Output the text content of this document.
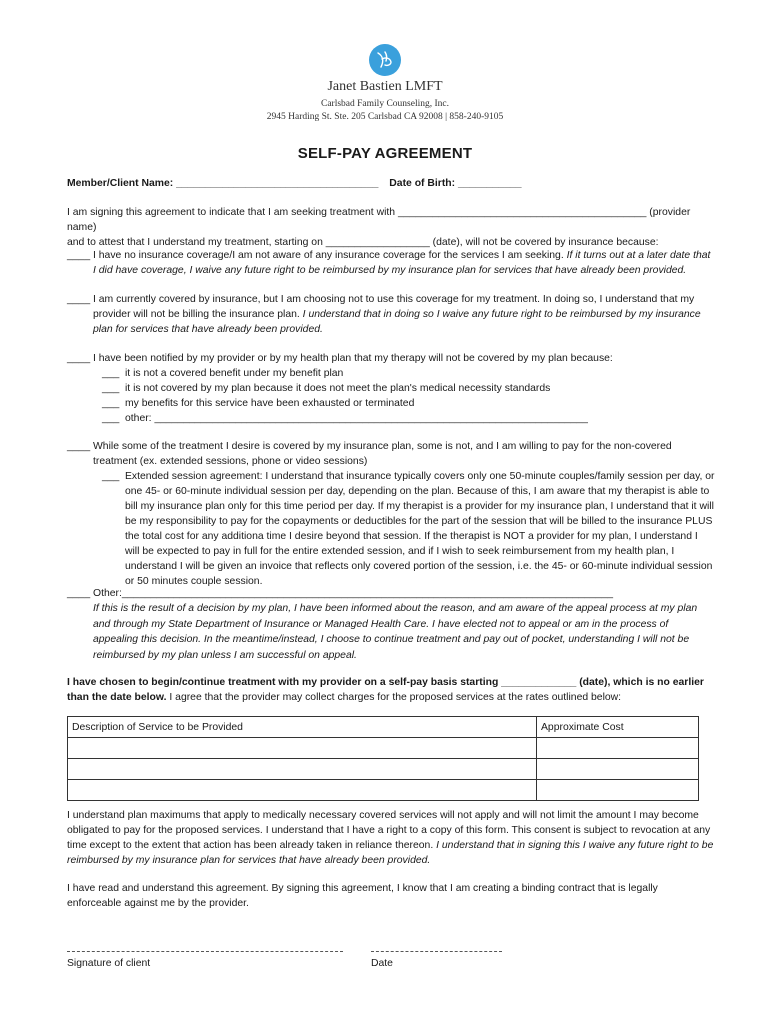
Janet Bastien LMFT
Carlsbad Family Counseling, Inc.
2945 Harding St. Ste. 205 Carlsbad CA 92008 | 858-240-9105
SELF-PAY AGREEMENT
Member/Client Name: ___________________________________ Date of Birth: ___________
I am signing this agreement to indicate that I am seeking treatment with ___________________________________________ (provider name)
and to attest that I understand my treatment, starting on __________________ (date), will not be covered by insurance because:
____ I have no insurance coverage/I am not aware of any insurance coverage for the services I am seeking. If it turns out at a later date that I did have coverage, I waive any future right to be reimbursed by my insurance plan for services that have already been provided.
____ I am currently covered by insurance, but I am choosing not to use this coverage for my treatment. In doing so, I understand that my provider will not be billing the insurance plan. I understand that in doing so I waive any future right to be reimbursed by my insurance plan for services that have already been provided.
____ I have been notified by my provider or by my health plan that my therapy will not be covered by my plan because:
___ it is not a covered benefit under my benefit plan
___ it is not covered by my plan because it does not meet the plan's medical necessity standards
___ my benefits for this service have been exhausted or terminated
___ other: ___________________________________________________________________________
____ While some of the treatment I desire is covered by my insurance plan, some is not, and I am willing to pay for the non-covered treatment (ex. extended sessions, phone or video sessions)
___ Extended session agreement: I understand that insurance typically covers only one 50-minute couples/family session per day, or one 45- or 60-minute individual session per day, depending on the plan. Because of this, I am aware that my therapist is able to bill my insurance plan only for this time period per day. If my therapist is a provider for my insurance plan, I understand that it will be my responsibility to pay for the copayments or deductibles for the part of the session that will be billed to the insurance PLUS the total cost for any additiona time I desire beyond that session. If the therapist is NOT a provider for my plan, I understand I will be expected to pay in full for the entire extended session, and if I wish to seek reimbursement from my health plan, I understand I will be given an invoice that reflects only covered portion of the session, i.e. the 45- or 60-minute individual session or 50 minutes couple session.
____ Other:_____________________________________________________________________________________
If this is the result of a decision by my plan, I have been informed about the reason, and am aware of the appeal process at my plan and through my State Department of Insurance or Managed Health Care. I have elected not to appeal or am in the process of appealing this decision. In the meantime/instead, I choose to continue treatment and pay out of pocket, understanding I will not be reimbursed by my plan unless I am successful on appeal.
I have chosen to begin/continue treatment with my provider on a self-pay basis starting _____________ (date), which is no earlier than the date below. I agree that the provider may collect charges for the proposed services at the rates outlined below:
Description of Service to be Provided	Approximate Cost

I understand plan maximums that apply to medically necessary covered services will not apply and will not limit the amount I may become obligated to pay for the proposed services. I understand that I have a right to a copy of this form. This consent is subject to revocation at any time except to the extent that action has been already taken in reliance thereon. I understand that in signing this I waive any future right to be reimbursed by my insurance plan for services that have already been provided.
I have read and understand this agreement. By signing this agreement, I know that I am creating a binding contract that is legally enforceable against me by the provider.
Signature of client	Date
